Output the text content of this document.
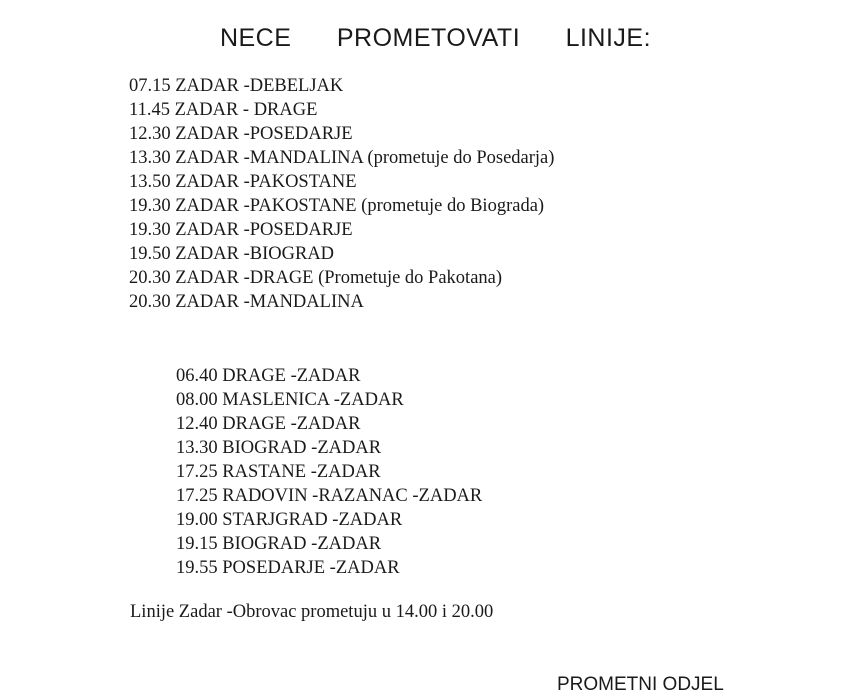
NECE PROMETOVATI LINIJE:
07.15 ZADAR -DEBELJAK
11.45 ZADAR - DRAGE
12.30 ZADAR -POSEDARJE
13.30 ZADAR -MANDALINA (prometuje do Posedarja)
13.50 ZADAR -PAKOSTANE
19.30 ZADAR -PAKOSTANE (prometuje do Biograda)
19.30 ZADAR -POSEDARJE
19.50 ZADAR -BIOGRAD
20.30 ZADAR -DRAGE (Prometuje do Pakotana)
20.30 ZADAR -MANDALINA
06.40 DRAGE -ZADAR
08.00 MASLENICA -ZADAR
12.40 DRAGE -ZADAR
13.30 BIOGRAD -ZADAR
17.25 RASTANE -ZADAR
17.25 RADOVIN -RAZANAC -ZADAR
19.00 STARJGRAD -ZADAR
19.15 BIOGRAD -ZADAR
19.55 POSEDARJE -ZADAR
Linije Zadar -Obrovac prometuju u 14.00 i 20.00
PROMETNI ODJEL
